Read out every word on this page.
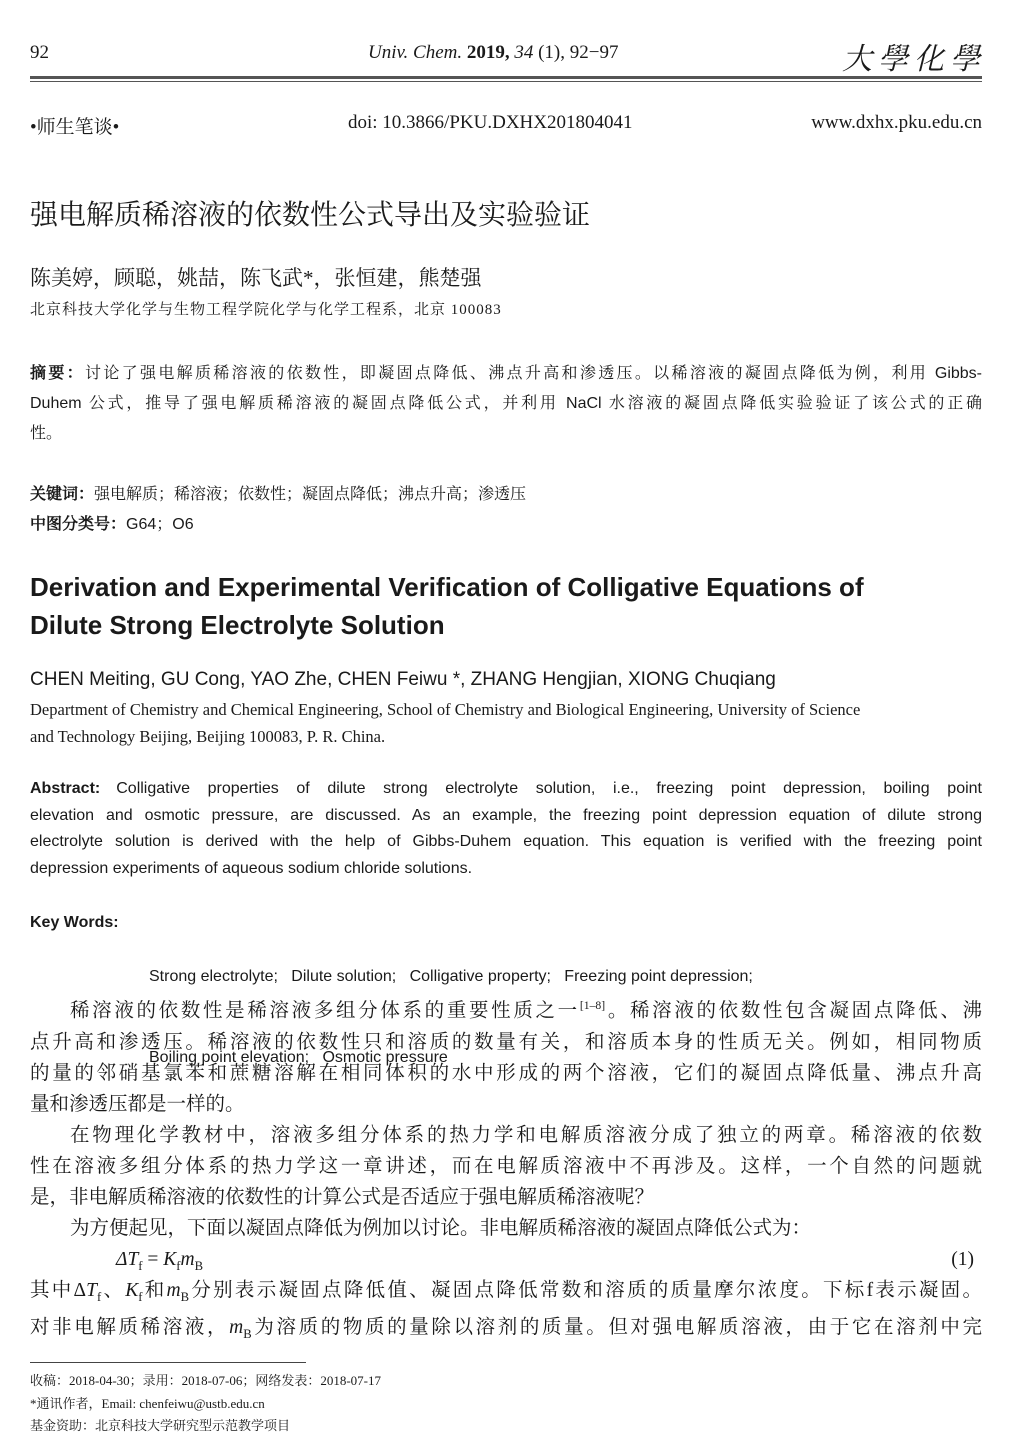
92	Univ. Chem. 2019, 34 (1), 92−97	大學化學
•师生笔谈•	doi: 10.3866/PKU.DXHX201804041	www.dxhx.pku.edu.cn
强电解质稀溶液的依数性公式导出及实验验证
陈美婷，顾聪，姚喆，陈飞武*，张恒建，熊楚强
北京科技大学化学与生物工程学院化学与化学工程系，北京 100083
摘要：讨论了强电解质稀溶液的依数性，即凝固点降低、沸点升高和渗透压。以稀溶液的凝固点降低为例，利用 Gibbs-
Duhem 公式，推导了强电解质稀溶液的凝固点降低公式，并利用 NaCl 水溶液的凝固点降低实验验证了该公式的正确
性。
关键词：强电解质；稀溶液；依数性；凝固点降低；沸点升高；渗透压
中图分类号：G64；O6
Derivation and Experimental Verification of Colligative Equations of
Dilute Strong Electrolyte Solution
CHEN Meiting, GU Cong, YAO Zhe, CHEN Feiwu *, ZHANG Hengjian, XIONG Chuqiang
Department of Chemistry and Chemical Engineering, School of Chemistry and Biological Engineering, University of Science
and Technology Beijing, Beijing 100083, P. R. China.
Abstract: Colligative properties of dilute strong electrolyte solution, i.e., freezing point depression, boiling point
elevation and osmotic pressure, are discussed. As an example, the freezing point depression equation of dilute strong
electrolyte solution is derived with the help of Gibbs-Duhem equation. This equation is verified with the freezing point
depression experiments of aqueous sodium chloride solutions.
Key Words:

Strong electrolyte;   Dilute solution;   Colligative property;   Freezing point depression;

Boiling point elevation;   Osmotic pressure

稀溶液的依数性是稀溶液多组分体系的重要性质之一[1–8]。稀溶液的依数性包含凝固点降低、沸
点升高和渗透压。稀溶液的依数性只和溶质的数量有关，和溶质本身的性质无关。例如，相同物质
的量的邻硝基氯苯和蔗糖溶解在相同体积的水中形成的两个溶液，它们的凝固点降低量、沸点升高
量和渗透压都是一样的。
在物理化学教材中，溶液多组分体系的热力学和电解质溶液分成了独立的两章。稀溶液的依数
性在溶液多组分体系的热力学这一章讲述，而在电解质溶液中不再涉及。这样，一个自然的问题就
是，非电解质稀溶液的依数性的计算公式是否适应于强电解质稀溶液呢？
为方便起见，下面以凝固点降低为例加以讨论。非电解质稀溶液的凝固点降低公式为：
$\Delta T_f = K_fm_B$	(1)
其中$\Delta T_f$、$K_f$和$m_B$分别表示凝固点降低值、凝固点降低常数和溶质的质量摩尔浓度。下标f表示凝固。
对非电解质稀溶液，$m_B$为溶质的物质的量除以溶剂的质量。但对强电解质溶液，由于它在溶剂中完
收稿：2018-04-30；录用：2018-07-06；网络发表：2018-07-17
*通讯作者，Email: chenfeiwu@ustb.edu.cn
基金资助：北京科技大学研究型示范教学项目
